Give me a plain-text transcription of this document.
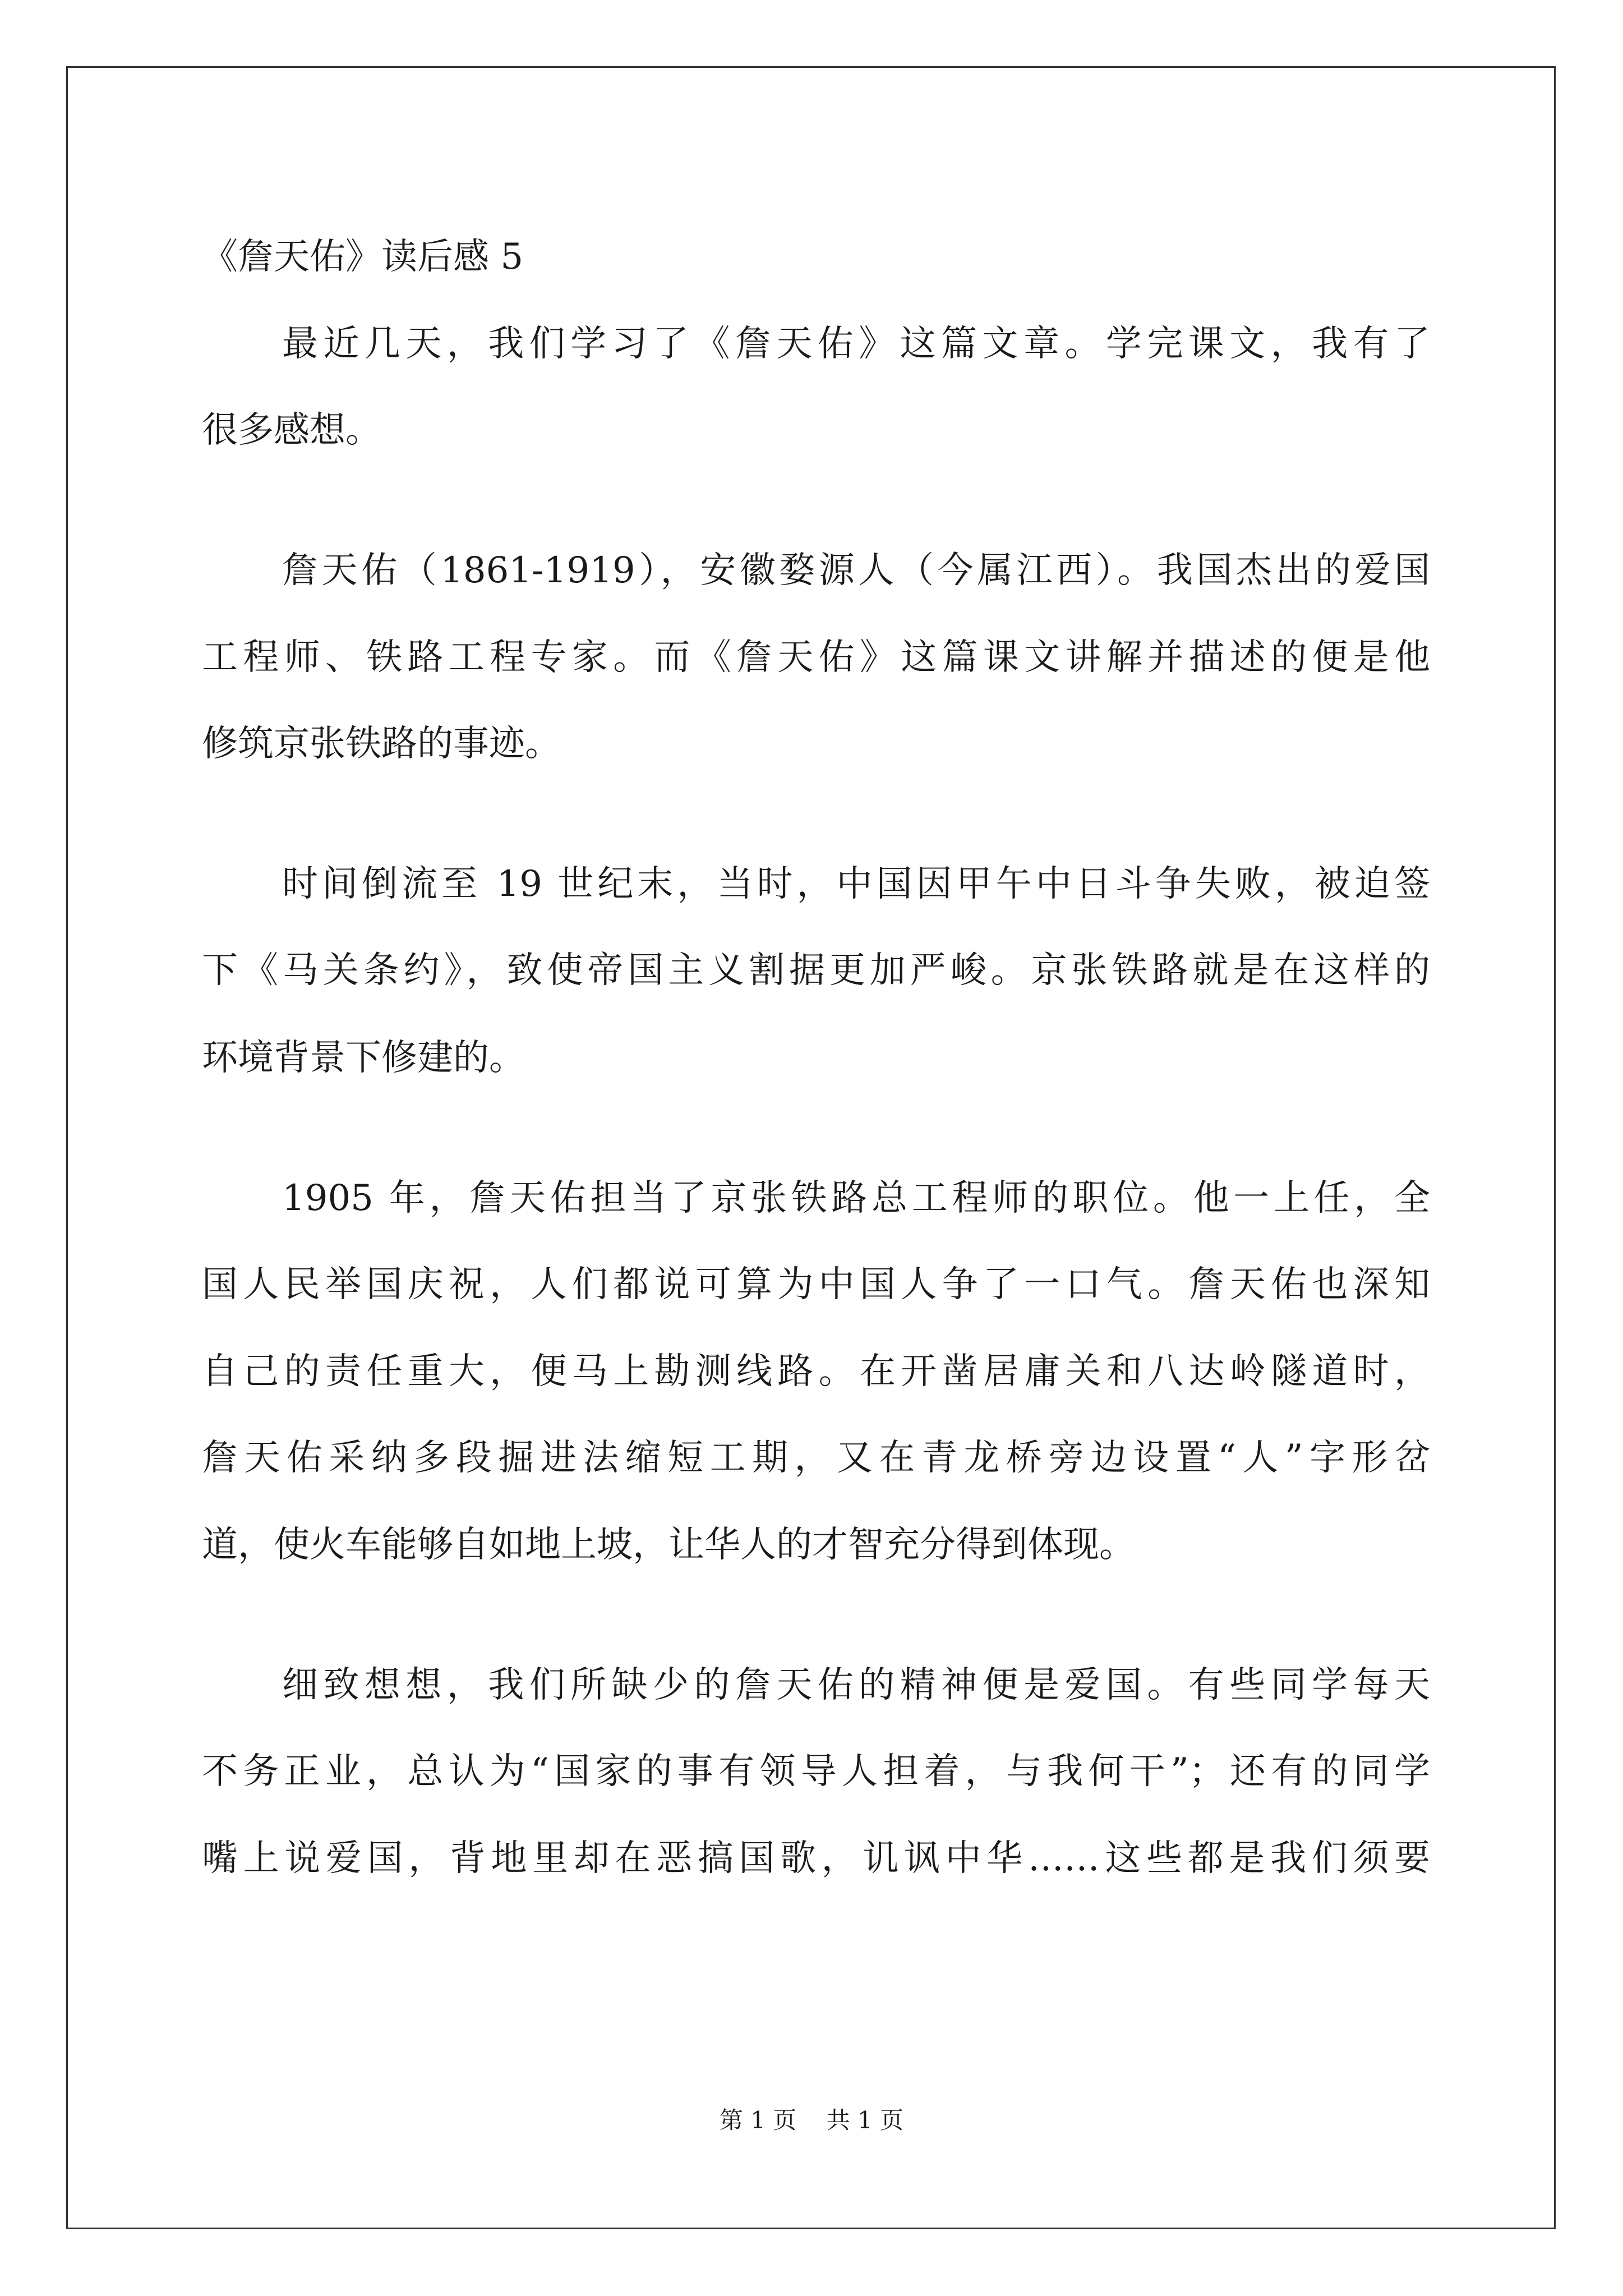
《詹天佑》读后感 5
最近几天，我们学习了《詹天佑》这篇文章。学完课文，我有了
很多感想。
詹天佑（1861-1919），安徽婺源人（今属江西）。我国杰出的爱国
工程师、铁路工程专家。而《詹天佑》这篇课文讲解并描述的便是他
修筑京张铁路的事迹。
时间倒流至 19 世纪末，当时，中国因甲午中日斗争失败，被迫签
下《马关条约》，致使帝国主义割据更加严峻。京张铁路就是在这样的
环境背景下修建的。
1905 年，詹天佑担当了京张铁路总工程师的职位。他一上任，全
国人民举国庆祝，人们都说可算为中国人争了一口气。詹天佑也深知
自己的责任重大，便马上勘测线路。在开凿居庸关和八达岭隧道时，
詹天佑采纳多段掘进法缩短工期，又在青龙桥旁边设置“人”字形岔
道，使火车能够自如地上坡，让华人的才智充分得到体现。
细致想想，我们所缺少的詹天佑的精神便是爱国。有些同学每天
不务正业，总认为“国家的事有领导人担着，与我何干”；还有的同学
嘴上说爱国，背地里却在恶搞国歌，讥讽中华……这些都是我们须要
第 1 页    共 1 页
